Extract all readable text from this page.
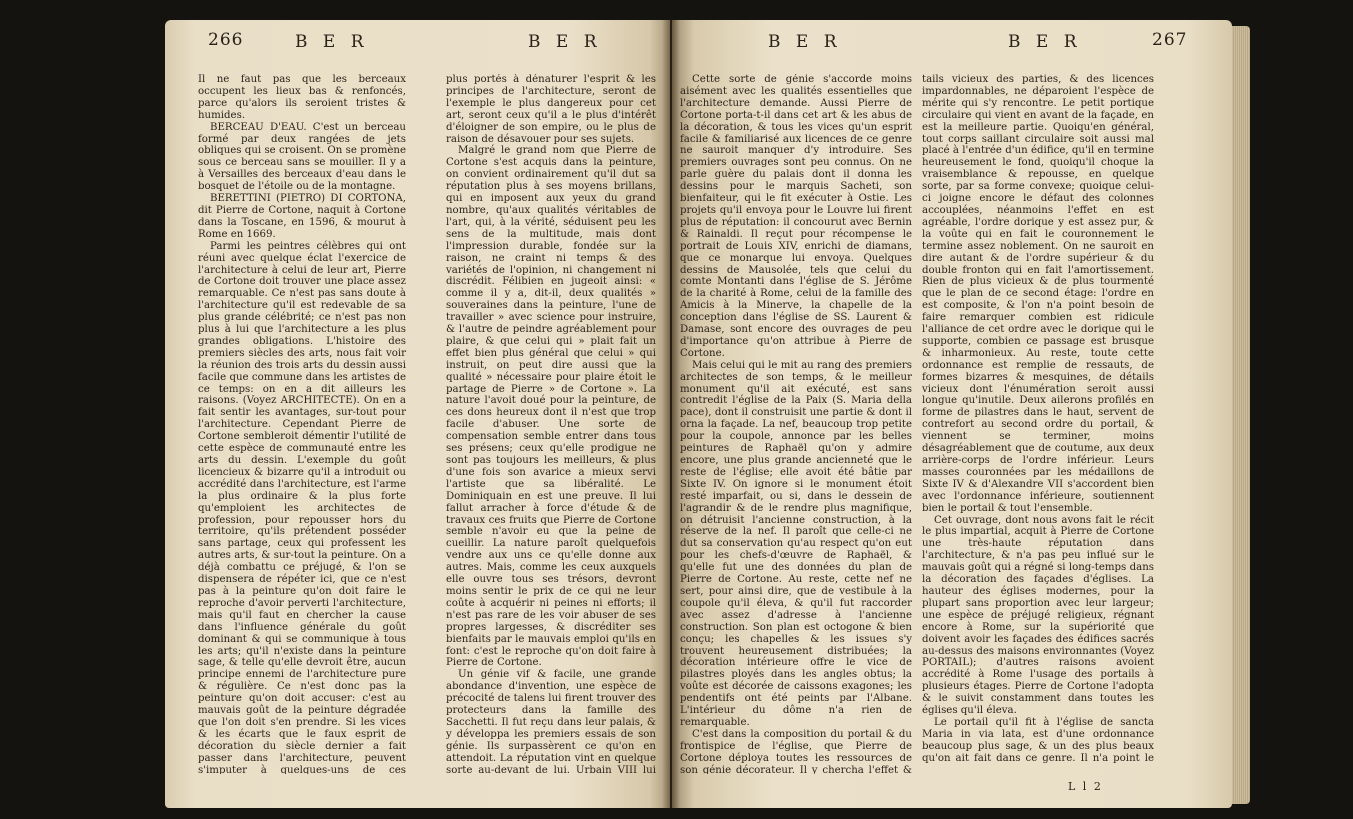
266	B E R	B E R	B E R	B E R	267

Il ne faut pas que les berceaux occupent les lieux bas & renfoncés, parce qu'alors ils seroient tristes & humides.

BERCEAU D'EAU. C'est un berceau formé par deux rangées de jets obliques qui se croisent. On se promène sous ce berceau sans se mouiller. Il y a à Versailles des berceaux d'eau dans le bosquet de l'étoile ou de la montagne.

BERETTINI (PIETRO) DI CORTONA, dit Pierre de Cortone, naquit à Cortone dans la Toscane, en 1596, & mourut à Rome en 1669.

Parmi les peintres célèbres qui ont réuni avec quelque éclat l'exercice de l'architecture à celui de leur art, Pierre de Cortone doit trouver une place assez remarquable. Ce n'est pas sans doute à l'architecture qu'il est redevable de sa plus grande célébrité; ce n'est pas non plus à lui que l'architecture a les plus grandes obligations. L'histoire des premiers siècles des arts, nous fait voir la réunion des trois arts du dessin aussi facile que commune dans les artistes de ce temps: on en a dit ailleurs les raisons. (Voyez ARCHITECTE). On en a fait sentir les avantages, sur-tout pour l'architecture. Cependant Pierre de Cortone sembleroit démentir l'utilité de cette espèce de communauté entre les arts du dessin. L'exemple du goût licencieux & bizarre qu'il a introduit ou accrédité dans l'architecture, est l'arme la plus ordinaire & la plus forte qu'emploient les architectes de profession, pour repousser hors du territoire, qu'ils prétendent posséder sans partage, ceux qui professent les autres arts, & sur-tout la peinture. On a déjà combattu ce préjugé, & l'on se dispensera de répéter ici, que ce n'est pas à la peinture qu'on doit faire le reproche d'avoir perverti l'architecture, mais qu'il faut en chercher la cause dans l'influence générale du goût dominant & qui se communique à tous les arts; qu'il n'existe dans la peinture sage, & telle qu'elle devroit être, aucun principe ennemi de l'architecture pure & régulière. Ce n'est donc pas la peinture qu'on doit accuser: c'est au mauvais goût de la peinture dégradée que l'on doit s'en prendre. Si les vices & les écarts que le faux esprit de décoration du siècle dernier a fait passer dans l'architecture, peuvent s'imputer à quelques-uns de ces

plus portés à dénaturer l'esprit & les principes de l'architecture, seront de l'exemple le plus dangereux pour cet art, seront ceux qu'il a le plus d'intérêt d'éloigner de son empire, ou le plus de raison de désavouer pour ses sujets.

Malgré le grand nom que Pierre de Cortone s'est acquis dans la peinture, on convient ordinairement qu'il dut sa réputation plus à ses moyens brillans, qui en imposent aux yeux du grand nombre, qu'aux qualités véritables de l'art, qui, à la vérité, séduisent peu les sens de la multitude, mais dont l'impression durable, fondée sur la raison, ne craint ni temps & des variétés de l'opinion, ni changement ni discrédit. Félibien en jugeoit ainsi: « comme il y a, dit-il, deux qualités » souveraines dans la peinture, l'une de travailler » avec science pour instruire, & l'autre de peindre agréablement pour plaire, & que celui qui » plait fait un effet bien plus général que celui » qui instruit, on peut dire aussi que la qualité » nécessaire pour plaire étoit le partage de Pierre » de Cortone ». La nature l'avoit doué pour la peinture, de ces dons heureux dont il n'est que trop facile d'abuser. Une sorte de compensation semble entrer dans tous ses présens; ceux qu'elle prodigue ne sont pas toujours les meilleurs, & plus d'une fois son avarice a mieux servi l'artiste que sa libéralité. Le Dominiquain en est une preuve. Il lui fallut arracher à force d'étude & de travaux ces fruits que Pierre de Cortone semble n'avoir eu que la peine de cueillir. La nature paroît quelquefois vendre aux uns ce qu'elle donne aux autres. Mais, comme les ceux auxquels elle ouvre tous ses trésors, devront moins sentir le prix de ce qui ne leur coûte à acquérir ni peines ni efforts; il n'est pas rare de les voir abuser de ses propres largesses, & discréditer ses bienfaits par le mauvais emploi qu'ils en font: c'est le reproche qu'on doit faire à Pierre de Cortone.

Un génie vif & facile, une grande abondance d'invention, une espèce de précocité de talens lui firent trouver des protecteurs dans la famille des Sacchetti. Il fut reçu dans leur palais, & y développa les premiers essais de son génie. Ils surpassèrent ce qu'on en attendoit. La réputation vint en quelque sorte au-devant de lui. Urbain VIII lui

Cette sorte de génie s'accorde moins aisément avec les qualités essentielles que l'architecture demande. Aussi Pierre de Cortone porta-t-il dans cet art & les abus de la décoration, & tous les vices qu'un esprit facile & familiarisé aux licences de ce genre ne sauroit manquer d'y introduire. Ses premiers ouvrages sont peu connus. On ne parle guère du palais dont il donna les dessins pour le marquis Sacheti, son bienfaiteur, qui le fit exécuter à Ostie. Les projets qu'il envoya pour le Louvre lui firent plus de réputation: il concourut avec Bernin & Rainaldi. Il reçut pour récompense le portrait de Louis XIV, enrichi de diamans, que ce monarque lui envoya. Quelques dessins de Mausolée, tels que celui du comte Montanti dans l'église de S. Jérôme de la charité à Rome, celui de la famille des Amicis à la Minerve, la chapelle de la conception dans l'église de SS. Laurent & Damase, sont encore des ouvrages de peu d'importance qu'on attribue à Pierre de Cortone.

Mais celui qui le mit au rang des premiers architectes de son temps, & le meilleur monument qu'il ait exécuté, est sans contredit l'église de la Paix (S. Maria della pace), dont il construisit une partie & dont il orna la façade. La nef, beaucoup trop petite pour la coupole, annonce par les belles peintures de Raphaël qu'on y admire encore, une plus grande ancienneté que le reste de l'église; elle avoit été bâtie par Sixte IV. On ignore si le monument étoit resté imparfait, ou si, dans le dessein de l'agrandir & de le rendre plus magnifique, on détruisit l'ancienne construction, à la réserve de la nef. Il paroît que celle-ci ne dut sa conservation qu'au respect qu'on eut pour les chefs-d'œuvre de Raphaël, & qu'elle fut une des données du plan de Pierre de Cortone. Au reste, cette nef ne sert, pour ainsi dire, que de vestibule à la coupole qu'il éleva, & qu'il fut raccorder avec assez d'adresse à l'ancienne construction. Son plan est octogone & bien conçu; les chapelles & les issues s'y trouvent heureusement distribuées; la décoration intérieure offre le vice de pilastres ployés dans les angles obtus; la voûte est décorée de caissons exagones; les pendentifs ont été peints par l'Albane. L'intérieur du dôme n'a rien de remarquable.

C'est dans la composition du portail & du frontispice de l'église, que Pierre de Cortone déploya toutes les ressources de son génie décorateur. Il y chercha l'effet &

tails vicieux des parties, & des licences impardonnables, ne déparoient l'espèce de mérite qui s'y rencontre. Le petit portique circulaire qui vient en avant de la façade, en est la meilleure partie. Quoiqu'en général, tout corps saillant circulaire soit aussi mal placé à l'entrée d'un édifice, qu'il en termine heureusement le fond, quoiqu'il choque la vraisemblance & repousse, en quelque sorte, par sa forme convexe; quoique celui-ci joigne encore le défaut des colonnes accouplées, néanmoins l'effet en est agréable, l'ordre dorique y est assez pur, & la voûte qui en fait le couronnement le termine assez noblement. On ne sauroit en dire autant & de l'ordre supérieur & du double fronton qui en fait l'amortissement. Rien de plus vicieux & de plus tourmenté que le plan de ce second étage: l'ordre en est composite, & l'on n'a point besoin de faire remarquer combien est ridicule l'alliance de cet ordre avec le dorique qui le supporte, combien ce passage est brusque & inharmonieux. Au reste, toute cette ordonnance est remplie de ressauts, de formes bizarres & mesquines, de détails vicieux dont l'énumération seroit aussi longue qu'inutile. Deux ailerons profilés en forme de pilastres dans le haut, servent de contrefort au second ordre du portail, & viennent se terminer, moins désagréablement que de coutume, aux deux arrière-corps de l'ordre inférieur. Leurs masses couronnées par les médaillons de Sixte IV & d'Alexandre VII s'accordent bien avec l'ordonnance inférieure, soutiennent bien le portail & tout l'ensemble.

Cet ouvrage, dont nous avons fait le récit le plus impartial, acquit à Pierre de Cortone une très-haute réputation dans l'architecture, & n'a pas peu influé sur le mauvais goût qui a régné si long-temps dans la décoration des façades d'églises. La hauteur des églises modernes, pour la plupart sans proportion avec leur largeur; une espèce de préjugé religieux, régnant encore à Rome, sur la supériorité que doivent avoir les façades des édifices sacrés au-dessus des maisons environnantes (Voyez PORTAIL); d'autres raisons avoient accrédité à Rome l'usage des portails à plusieurs étages. Pierre de Cortone l'adopta & le suivit constamment dans toutes les églises qu'il éleva.

Le portail qu'il fit à l'église de sancta Maria in via lata, est d'une ordonnance beaucoup plus sage, & un des plus beaux qu'on ait fait dans ce genre. Il n'a point le

L l 2
